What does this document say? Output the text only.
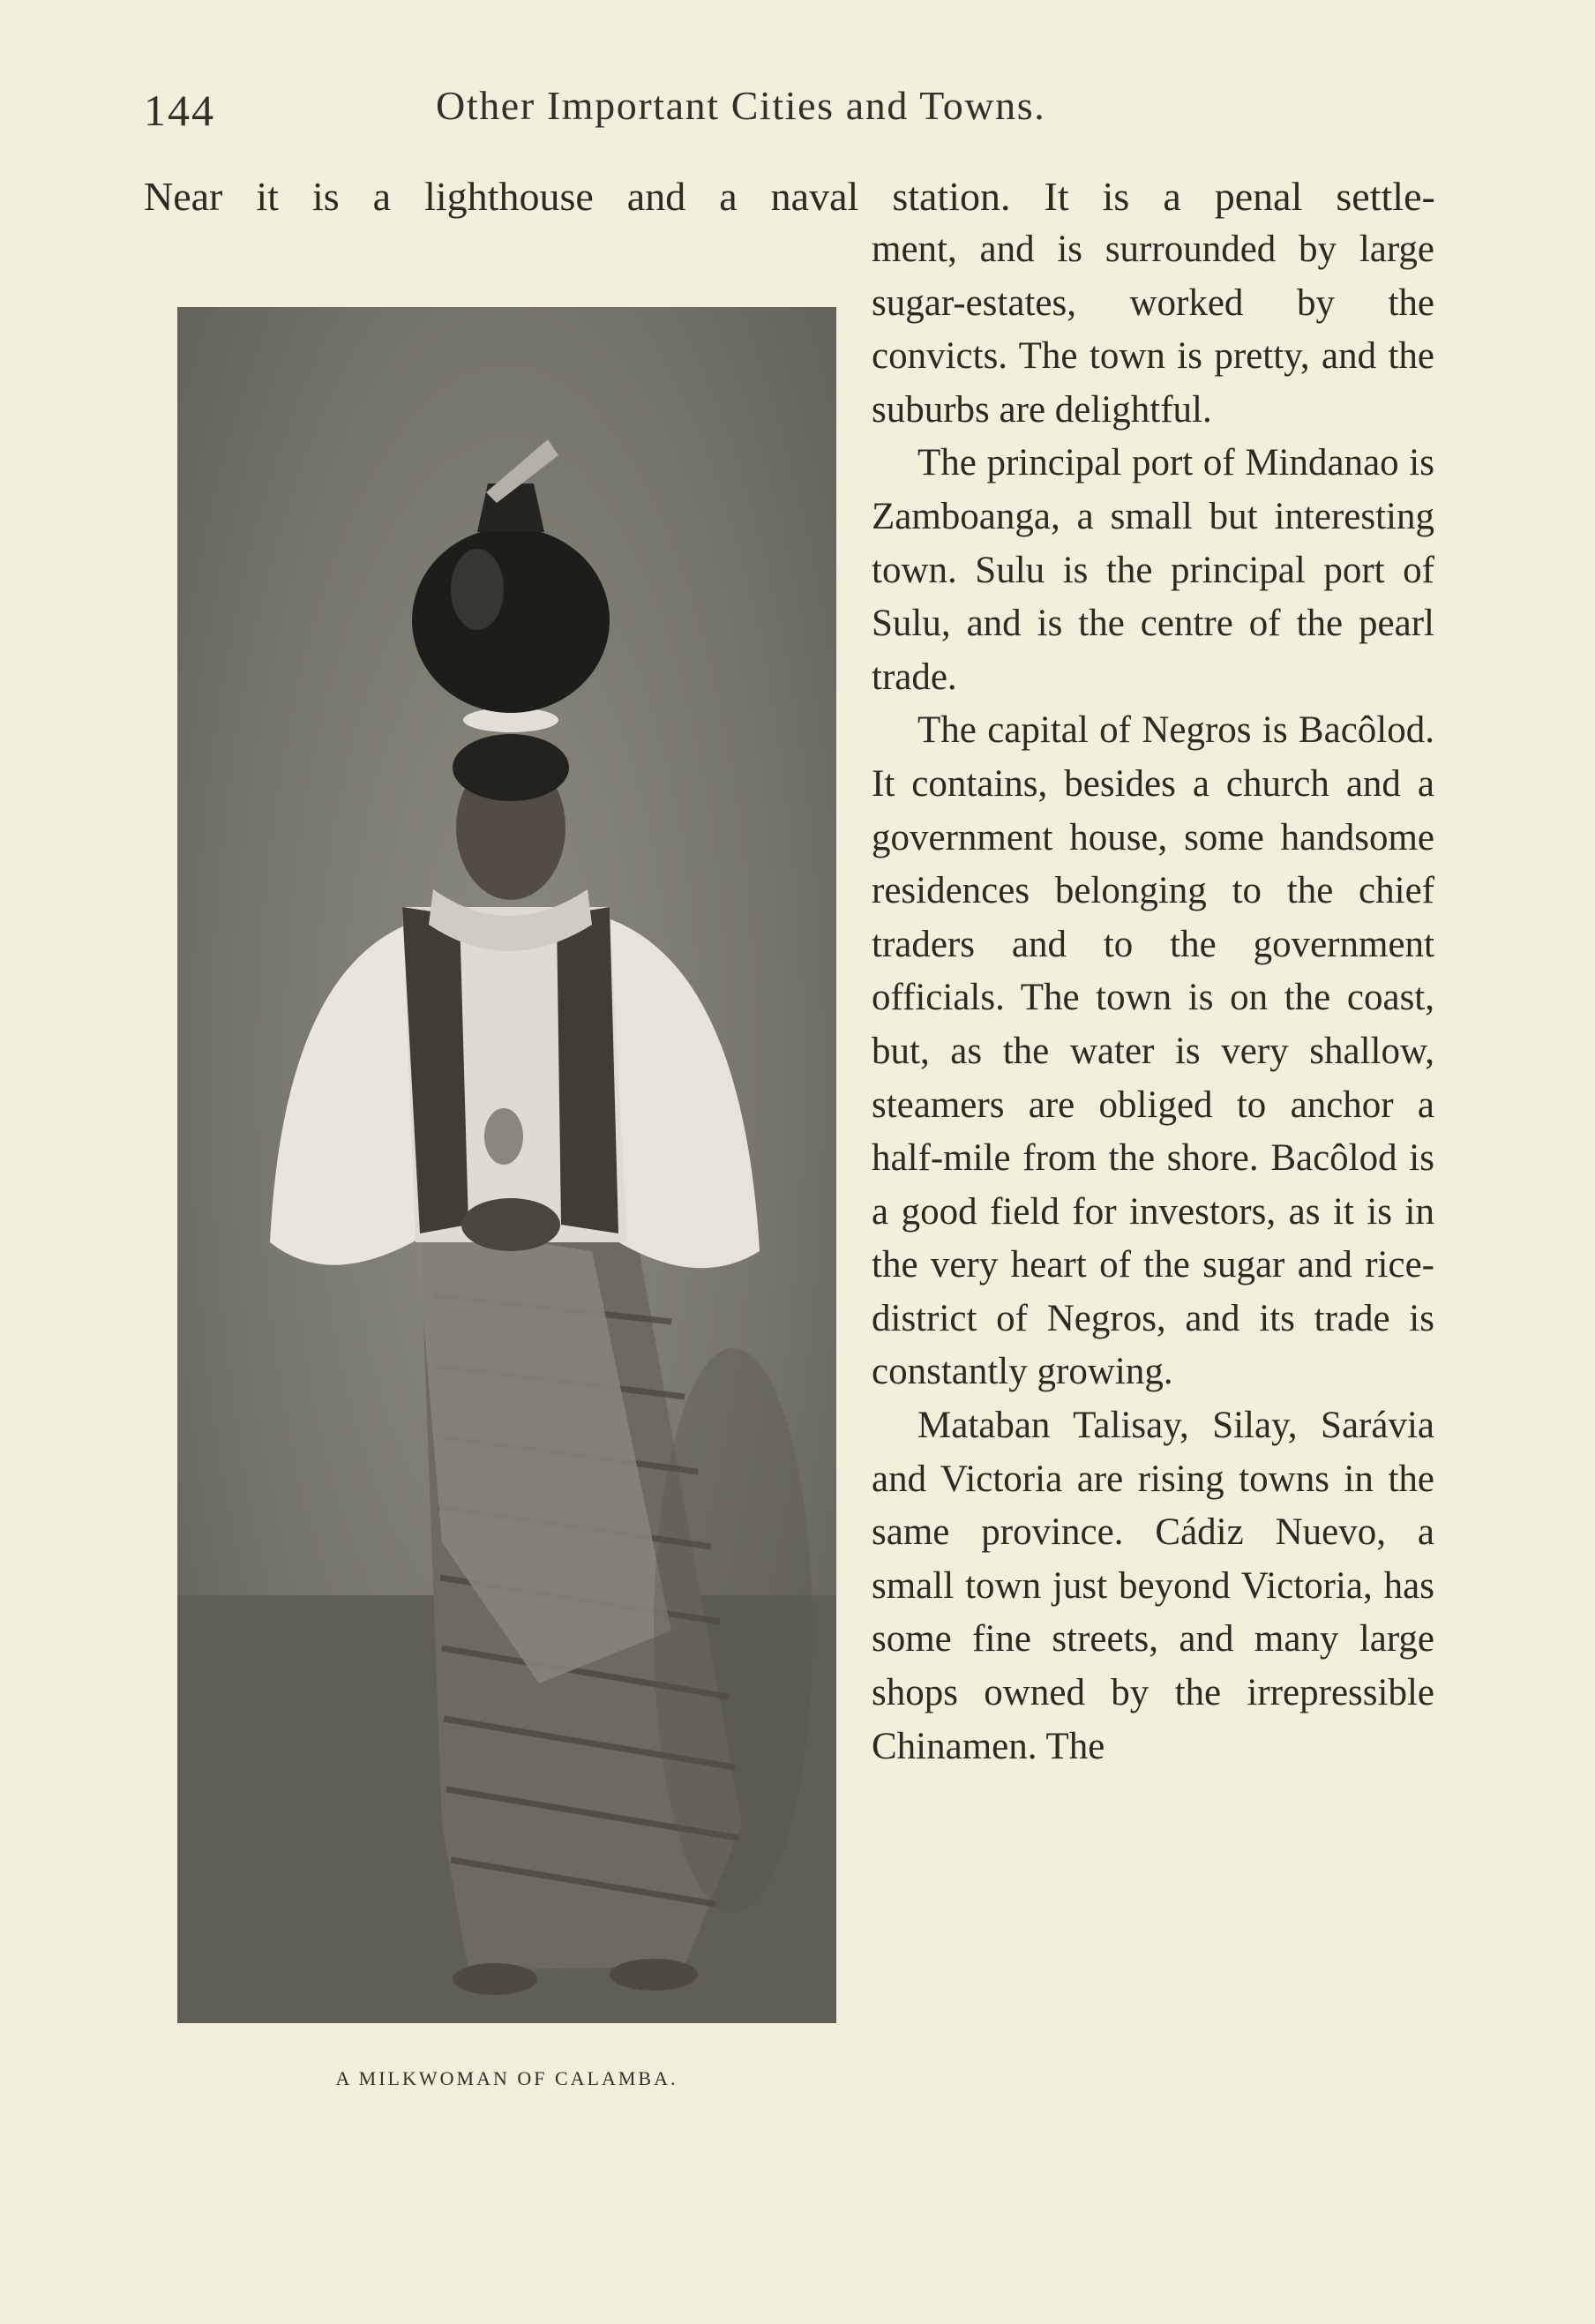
144	Other Important Cities and Towns.
Near it is a lighthouse and a naval station. It is a penal settle-
A MILKWOMAN OF CALAMBA.

ment, and is surrounded by large sugar-estates, worked by the convicts. The town is pretty, and the suburbs are delightful.

The principal port of Mindanao is Zamboanga, a small but interesting town. Sulu is the principal port of Sulu, and is the centre of the pearl trade.

The capital of Negros is Bacôlod. It contains, besides a church and a government house, some handsome residences belonging to the chief traders and to the government officials. The town is on the coast, but, as the water is very shallow, steamers are obliged to anchor a half-mile from the shore. Bacôlod is a good field for investors, as it is in the very heart of the sugar and rice-district of Negros, and its trade is constantly growing.

Mataban Talisay, Silay, Sarávia and Victoria are rising towns in the same province. Cádiz Nuevo, a small town just beyond Victoria, has some fine streets, and many large shops owned by the irrepressible Chinamen. The
